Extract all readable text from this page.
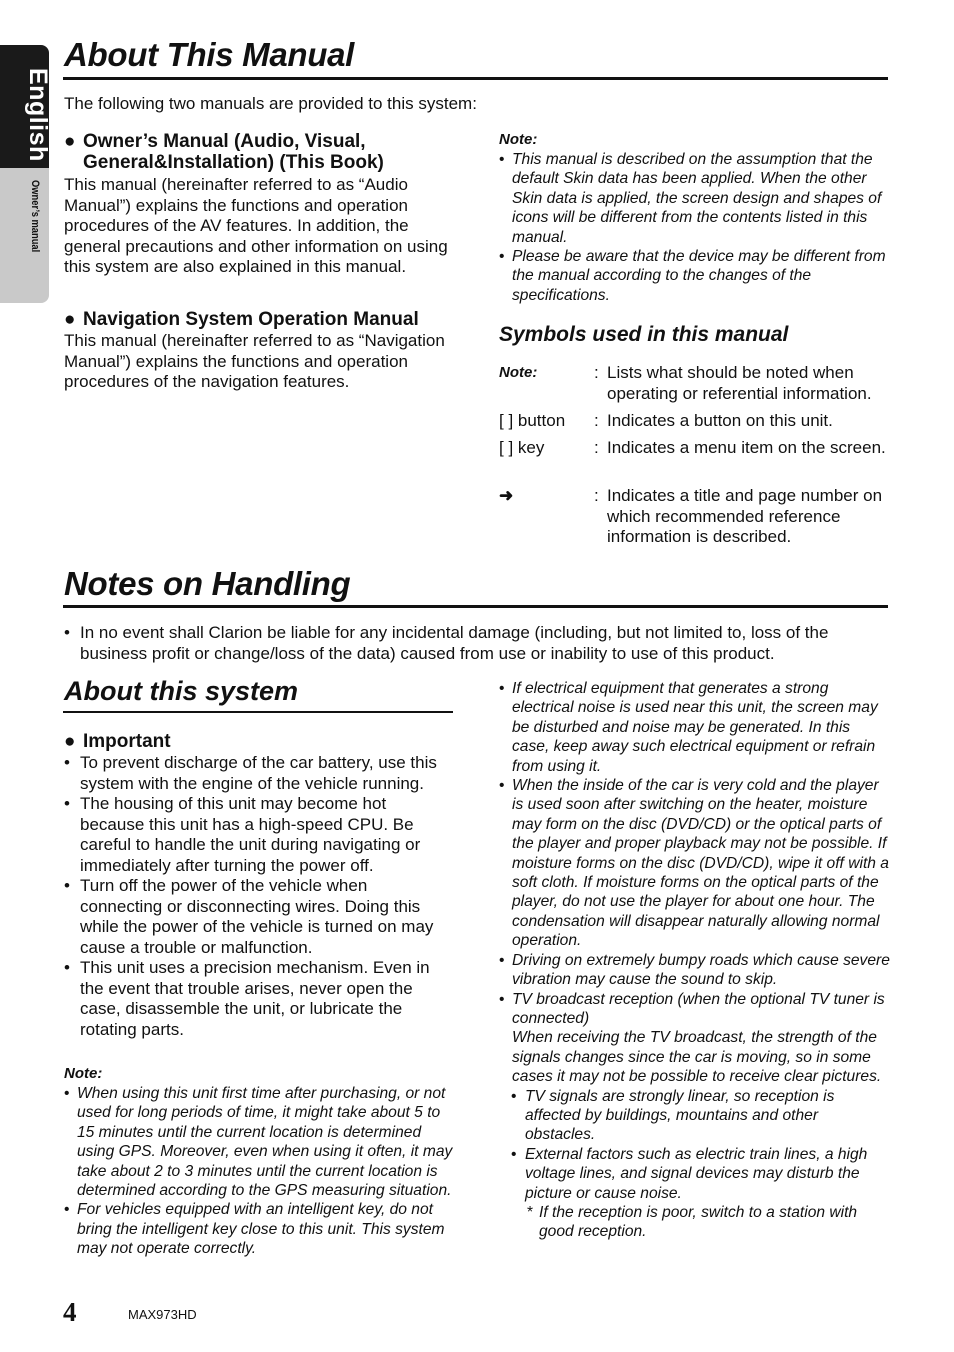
English
Owner’s manual
About This Manual

The following two manuals are provided to this system:

● Owner’s Manual (Audio, Visual,
General&Installation) (This Book)

This manual (hereinafter referred to as “Audio Manual”) explains the functions and operation procedures of the AV features. In addition, the general precautions and other information on using this system are also explained in this manual.

● Navigation System Operation Manual

This manual (hereinafter referred to as “Navigation Manual”) explains the functions and operation procedures of the navigation features.

Note:

• This manual is described on the assumption that the default Skin data has been applied. When the other Skin data is applied, the screen design and shapes of icons will be different from the contents listed in this manual.
• Please be aware that the device may be different from the manual according to the changes of the specifications.
Symbols used in this manual
Note:	: Lists what should be noted when operating or referential information.
[ ] button : Indicates a button on this unit.
[ ] key	: Indicates a menu item on the screen.
➜	: Indicates a title and page number on which recommended reference information is described.
Notes on Handling
• In no event shall Clarion be liable for any incidental damage (including, but not limited to, loss of the business profit or change/loss of the data) caused from use or inability to use of this product.
About this system
● Important
• To prevent discharge of the car battery, use this system with the engine of the vehicle running.
• The housing of this unit may become hot because this unit has a high-speed CPU. Be careful to handle the unit during navigating or immediately after turning the power off.
• Turn off the power of the vehicle when connecting or disconnecting wires. Doing this while the power of the vehicle is turned on may cause a trouble or malfunction.
• This unit uses a precision mechanism. Even in the event that trouble arises, never open the case, disassemble the unit, or lubricate the rotating parts.

Note:

• When using this unit first time after purchasing, or not used for long periods of time, it might take about 5 to 15 minutes until the current location is determined using GPS. Moreover, even when using it often, it may take about 2 to 3 minutes until the current location is determined according to the GPS measuring situation.
• For vehicles equipped with an intelligent key, do not bring the intelligent key close to this unit. This system may not operate correctly.
• If electrical equipment that generates a strong electrical noise is used near this unit, the screen may be disturbed and noise may be generated. In this case, keep away such electrical equipment or refrain from using it.
• When the inside of the car is very cold and the player is used soon after switching on the heater, moisture may form on the disc (DVD/CD) or the optical parts of the player and proper playback may not be possible. If moisture forms on the disc (DVD/CD), wipe it off with a soft cloth. If moisture forms on the optical parts of the player, do not use the player for about one hour. The condensation will disappear naturally allowing normal operation.
• Driving on extremely bumpy roads which cause severe vibration may cause the sound to skip.
• TV broadcast reception (when the optional TV tuner is connected)
When receiving the TV broadcast, the strength of the signals changes since the car is moving, so in some cases it may not be possible to receive clear pictures.
• TV signals are strongly linear, so reception is affected by buildings, mountains and other obstacles.
• External factors such as electric train lines, a high voltage lines, and signal devices may disturb the picture or cause noise.
* If the reception is poor, switch to a station with good reception.
4	MAX973HD
